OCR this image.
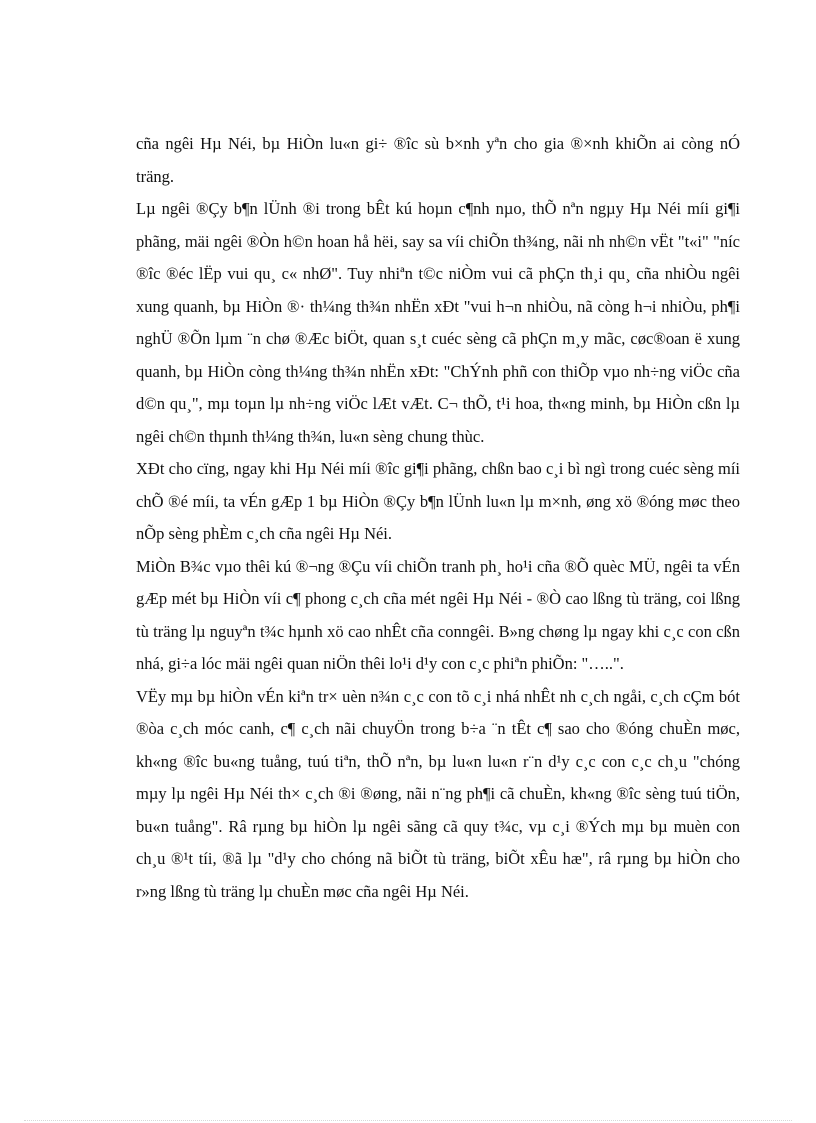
cña ngêi Hµ Néi, bµ HiÒn lu«n gi÷ ®îc sù b×nh yªn cho gia ®×nh khiÕn ai còng nÓ träng.

Lµ ngêi ®Çy b¶n lÜnh ®i trong bÊt kú hoµn c¶nh nµo, thÕ nªn ngµy Hµ Néi míi gi¶i phãng, mäi ngêi ®Òn h©n hoan hå hëi, say sa víi chiÕn th¾ng, nãi nh nh©n vËt "t«i" "níc ®îc ®éc lËp vui qu¸ c« nhØ". Tuy nhiªn t©c niÒm vui cã phÇn th¸i qu¸ cña nhiÒu ngêi xung quanh, bµ HiÒn ®· th¼ng th¾n nhËn xÐt "vui h¬n nhiÒu, nã còng h¬i nhiÒu, ph¶i nghÜ ®Õn lµm ¨n chø ®Æc biÖt, quan s¸t cuéc sèng cã phÇn m¸y mãc, cøc®oan ë xung quanh, bµ HiÒn còng th¼ng th¾n nhËn xÐt: "ChÝnh phñ con thiÕp vµo nh÷ng viÖc cña d©n qu¸", mµ toµn lµ nh÷ng viÖc lÆt vÆt. C¬ thÕ, t¹i hoa, th«ng minh, bµ HiÒn cßn lµ ngêi ch©n thµnh th¼ng th¾n, lu«n sèng chung thùc.

XÐt cho cïng, ngay khi Hµ Néi míi ®îc gi¶i phãng, chßn bao c¸i bì ngì trong cuéc sèng míi chÕ ®é míi, ta vÉn gÆp 1 bµ HiÒn ®Çy b¶n lÜnh lu«n lµ m×nh, øng xö ®óng møc theo nÕp sèng phÈm c¸ch cña ngêi Hµ Néi.

MiÒn B¾c vµo thêi kú ®¬ng ®Çu víi chiÕn tranh ph¸ ho¹i cña ®Õ quèc MÜ, ngêi ta vÉn gÆp mét bµ HiÒn víi c¶ phong c¸ch cña mét ngêi Hµ Néi - ®Ò cao lßng tù träng, coi lßng tù träng lµ nguyªn t¾c hµnh xö cao nhÊt cña conngêi. B»ng chøng lµ ngay khi c¸c con cßn nhá, gi÷a lóc mäi ngêi quan niÖn thêi lo¹i d¹y con c¸c phiªn phiÕn: "…..".

VËy mµ bµ hiÒn vÉn kiªn tr× uèn n¾n c¸c con tõ c¸i nhá nhÊt nh c¸ch ngåi, c¸ch cÇm bót ®òa c¸ch móc canh, c¶ c¸ch nãi chuyÖn trong b÷a ¨n tÊt c¶ sao cho ®óng chuÈn møc, kh«ng ®îc bu«ng tuång, tuú tiªn, thÕ nªn, bµ lu«n lu«n r¨n d¹y c¸c con c¸c ch¸u "chóng mµy lµ ngêi Hµ Néi th× c¸ch ®i ®øng, nãi n¨ng ph¶i cã chuÈn, kh«ng ®îc sèng tuú tiÖn, bu«n tuång". Râ rµng bµ hiÒn lµ ngêi sãng cã quy t¾c, vµ c¸i ®Ých mµ bµ muèn con ch¸u ®¹t tíi, ®ã lµ "d¹y cho chóng nã biÕt tù träng, biÕt xÊu hæ", râ rµng bµ hiÒn cho r»ng lßng tù träng lµ chuÈn møc cña ngêi Hµ Néi.
